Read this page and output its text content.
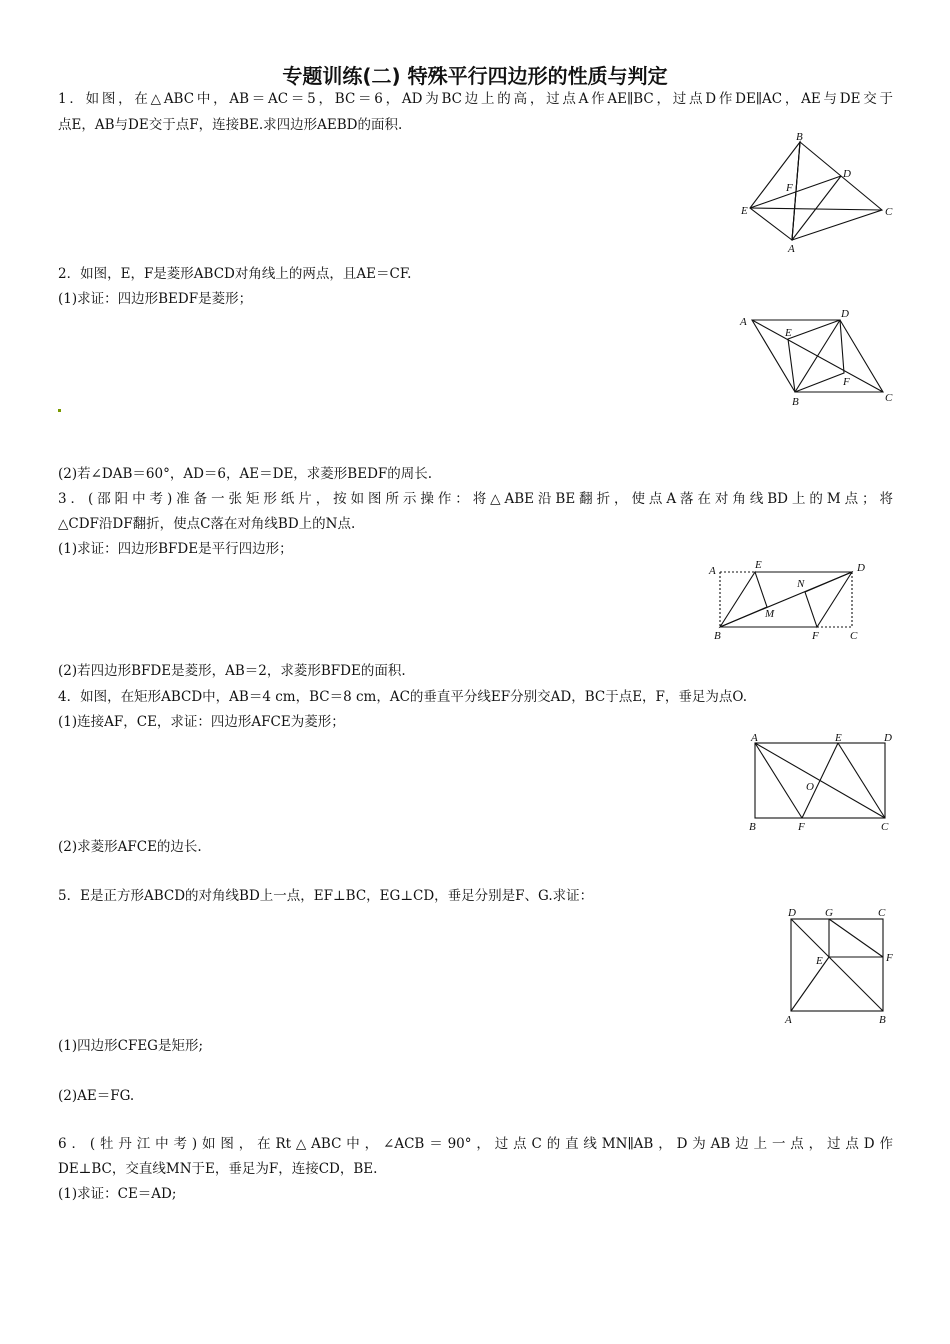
专题训练(二) 特殊平行四边形的性质与判定
1．如图，在△ABC中，AB＝AC＝5，BC＝6，AD为BC边上的高，过点A作AE∥BC，过点D作DE∥AC，AE与DE交于
点E，AB与DE交于点F，连接BE.求四边形AEBD的面积.
B
D
F
E	C
A
2．如图，E，F是菱形ABCD对角线上的两点，且AE＝CF.
(1)求证：四边形BEDF是菱形；
A
D
E
F
B	C
(2)若∠DAB＝60°，AD＝6，AE＝DE，求菱形BEDF的周长.
3．(邵阳中考)准备一张矩形纸片，按如图所示操作：将△ABE沿BE翻折，使点A落在对角线BD上的M点；将
△CDF沿DF翻折，使点C落在对角线BD上的N点.
(1)求证：四边形BFDE是平行四边形；
A	E	D
N
M
B	F	C
(2)若四边形BFDE是菱形，AB＝2，求菱形BFDE的面积.
4．如图，在矩形ABCD中，AB＝4 cm，BC＝8 cm，AC的垂直平分线EF分别交AD，BC于点E，F，垂足为点O.
(1)连接AF，CE，求证：四边形AFCE为菱形；
A	E	D
O
B	F	C
(2)求菱形AFCE的边长.
5．E是正方形ABCD的对角线BD上一点，EF⊥BC，EG⊥CD，垂足分别是F、G.求证：
D	G	C
E	F
A	B
(1)四边形CFEG是矩形;
(2)AE＝FG.
6．(牡丹江中考)如图，在Rt△ABC中，∠ACB＝90°，过点C的直线MN∥AB，D为AB边上一点，过点D作
DE⊥BC，交直线MN于E，垂足为F，连接CD，BE.
(1)求证：CE＝AD;
